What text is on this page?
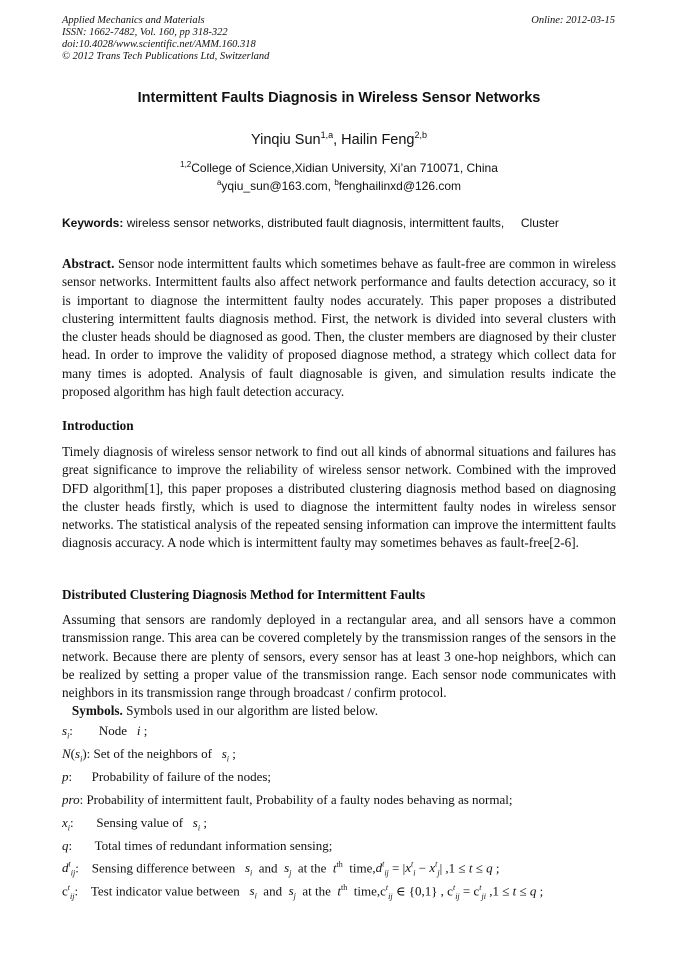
Applied Mechanics and Materials
ISSN: 1662-7482, Vol. 160, pp 318-322
doi:10.4028/www.scientific.net/AMM.160.318
© 2012 Trans Tech Publications Ltd, Switzerland
Online: 2012-03-15
Intermittent Faults Diagnosis in Wireless Sensor Networks
Yinqiu Sun$^{1,a}$, Hailin Feng$^{2,b}$
$^{1,2}$College of Science,Xidian University, Xi’an 710071, China
$^a$yqiu_sun@163.com, $^b$fenghailinxd@126.com
Keywords: wireless sensor networks, distributed fault diagnosis, intermittent faults,     Cluster
Abstract. Sensor node intermittent faults which sometimes behave as fault-free are common in wireless sensor networks. Intermittent faults also affect network performance and faults detection accuracy, so it is important to diagnose the intermittent faulty nodes accurately. This paper proposes a distributed clustering intermittent faults diagnosis method. First, the network is divided into several clusters with the cluster heads should be diagnosed as good. Then, the cluster members are diagnosed by their cluster head. In order to improve the validity of proposed diagnose method, a strategy which collect data for many times is adopted. Analysis of fault diagnosable is given, and simulation results indicate the proposed algorithm has high fault detection accuracy.
Introduction
Timely diagnosis of wireless sensor network to find out all kinds of abnormal situations and failures has great significance to improve the reliability of wireless sensor network. Combined with the improved DFD algorithm[1], this paper proposes a distributed clustering diagnosis method based on diagnosing the cluster heads firstly, which is used to diagnose the intermittent faulty nodes in wireless sensor networks. The statistical analysis of the repeated sensing information can improve the intermittent faults diagnosis accuracy. A node which is intermittent faulty may sometimes behaves as fault-free[2-6].
Distributed Clustering Diagnosis Method for Intermittent Faults
Assuming that sensors are randomly deployed in a rectangular area, and all sensors have a common transmission range. This area can be covered completely by the transmission ranges of the sensors in the network. Because there are plenty of sensors, every sensor has at least 3 one-hop neighbors, which can be realized by setting a proper value of the transmission range. Each sensor node communicates with neighbors in its transmission range through broadcast / confirm protocol.
Symbols. Symbols used in our algorithm are listed below.
$s_i$:        Node   i ;
$N(s_i)$: Set of the neighbors of   $s_i$ ;
p:      Probability of failure of the nodes;
pro: Probability of intermittent fault, Probability of a faulty nodes behaving as normal;
$x_i$:       Sensing value of   $s_i$ ;
q:       Total times of redundant information sensing;
$d^t_{ij}$:    Sensing difference between   $s_i$  and  $s_j$  at the  $t^{th}$  $time,d^t_{ij} = |x^t_i - x^t_j|$ ,1 ≤ t ≤ q ;
$c^t_{ij}$:    Test indicator value between   $s_i$  and  $s_j$  at the  $t^{th}$  $time,c^t_{ij}$ ∈ {0,1} , $c^t_{ij} = c^t_{ji}$ ,1 ≤ t ≤ q ;
